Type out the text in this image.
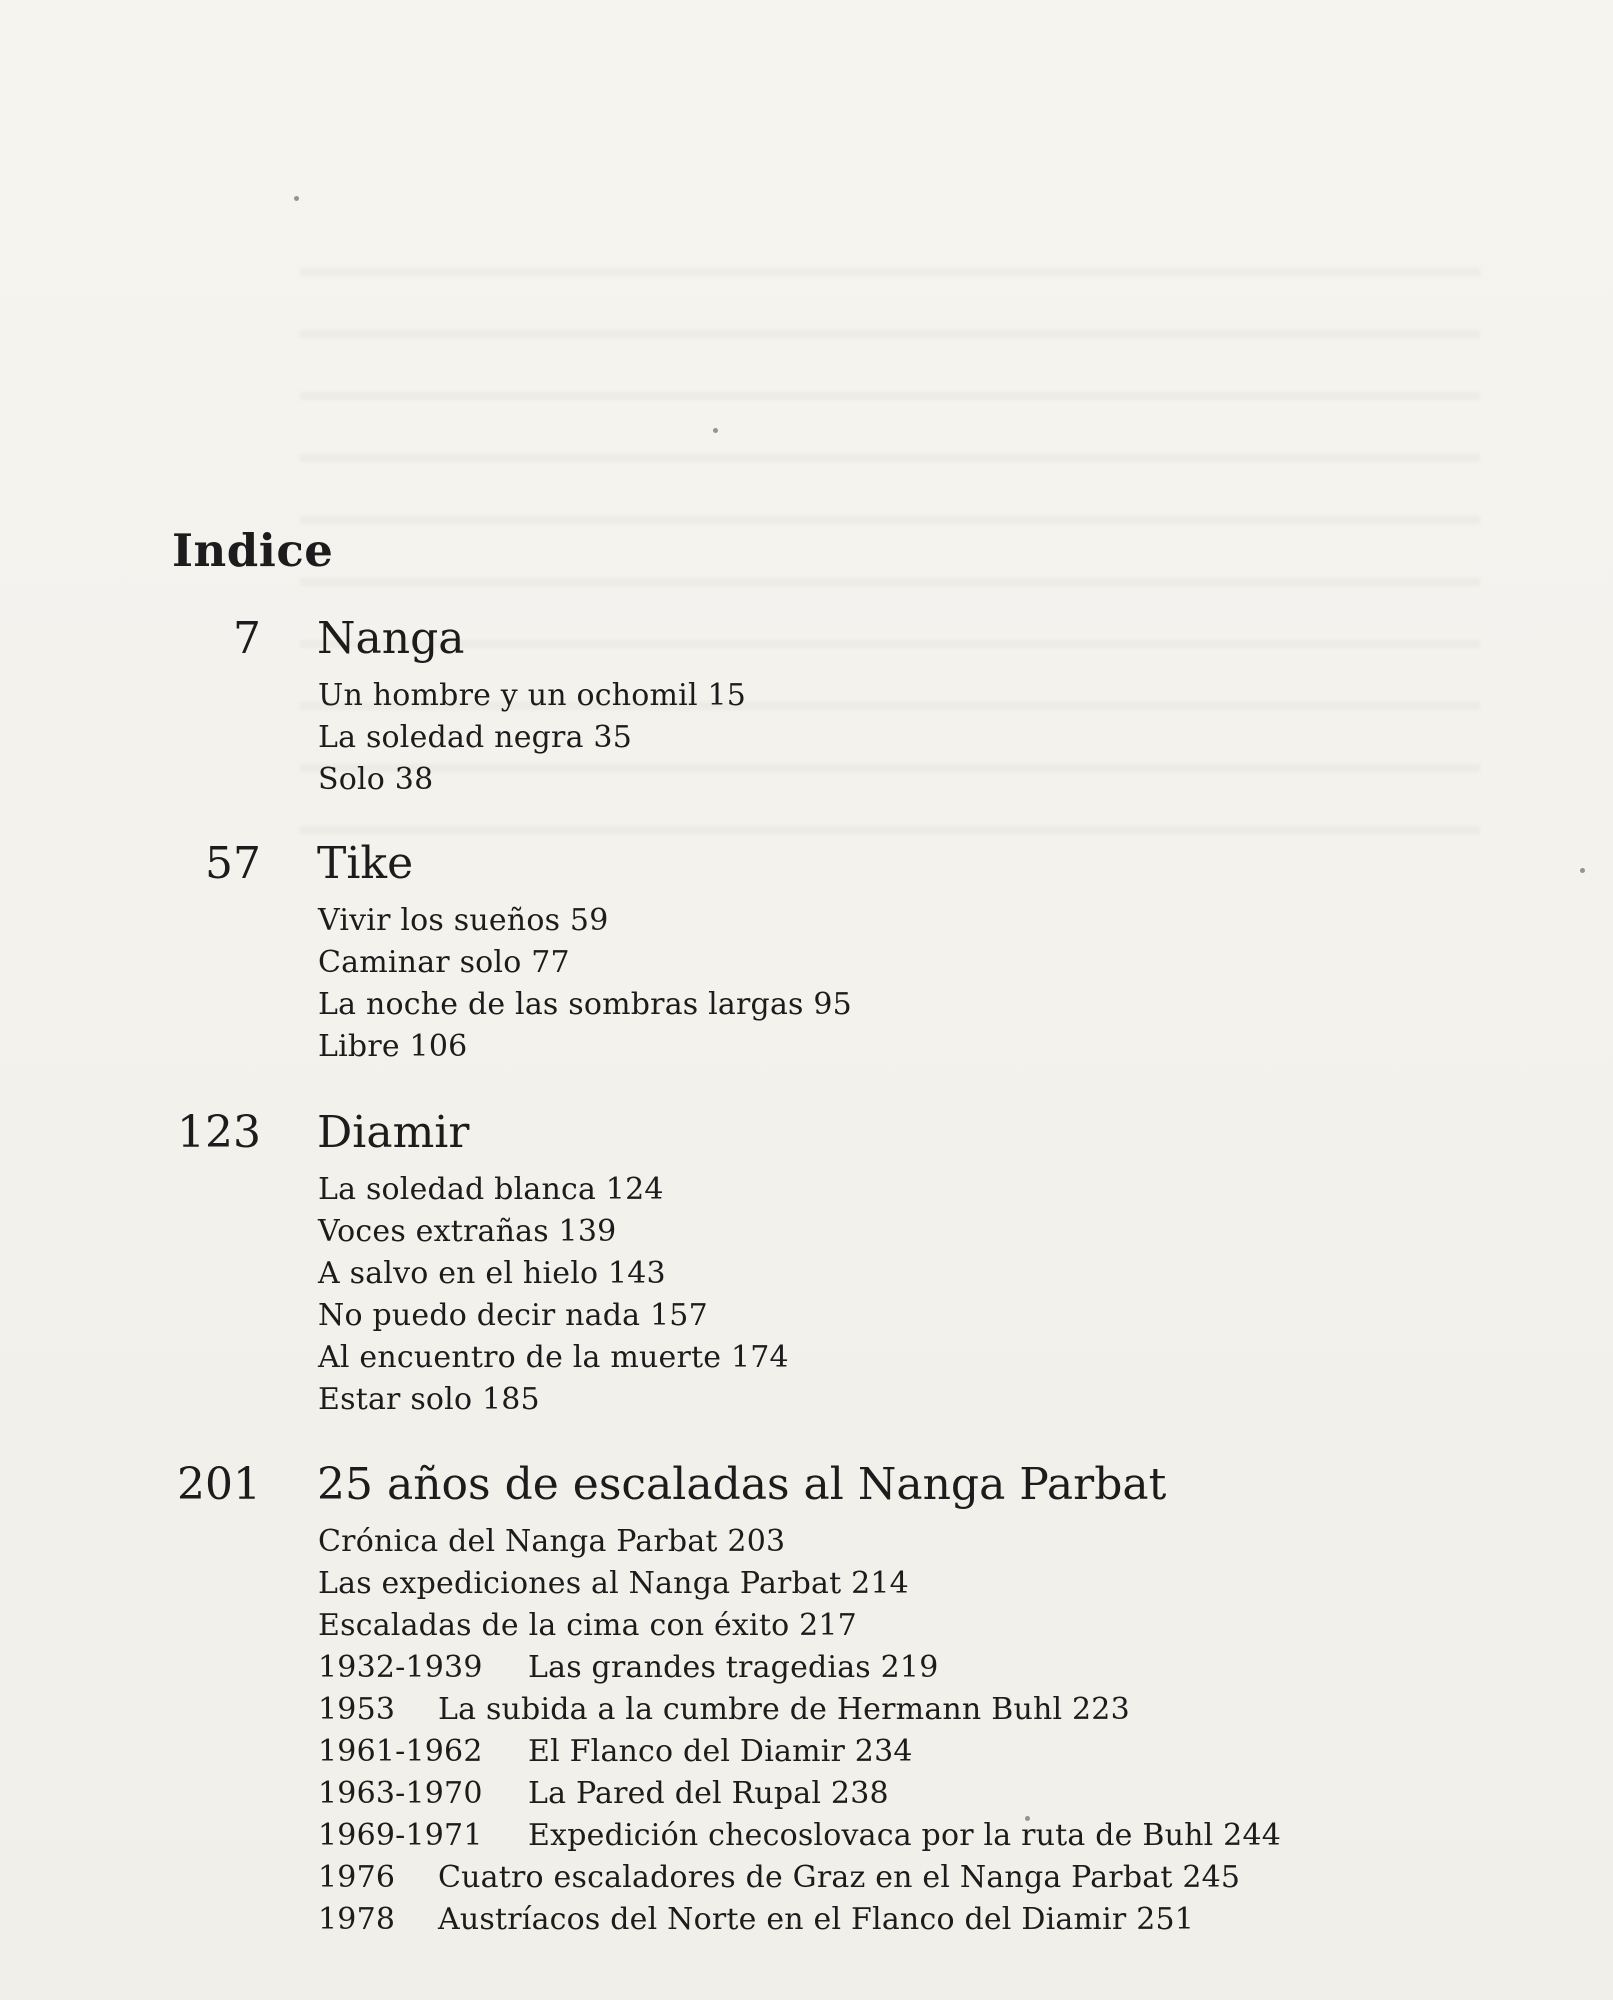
Indice
7 Nanga
Un hombre y un ochomil 15
La soledad negra 35
Solo 38
57 Tike
Vivir los sueños 59
Caminar solo 77
La noche de las sombras largas 95
Libre 106
123 Diamir
La soledad blanca 124
Voces extrañas 139
A salvo en el hielo 143
No puedo decir nada 157
Al encuentro de la muerte 174
Estar solo 185
201 25 años de escaladas al Nanga Parbat
Crónica del Nanga Parbat 203
Las expediciones al Nanga Parbat 214
Escaladas de la cima con éxito 217
1932-1939 Las grandes tragedias 219
1953 La subida a la cumbre de Hermann Buhl 223
1961-1962 El Flanco del Diamir 234
1963-1970 La Pared del Rupal 238
1969-1971 Expedición checoslovaca por la ruta de Buhl 244
1976 Cuatro escaladores de Graz en el Nanga Parbat 245
1978 Austríacos del Norte en el Flanco del Diamir 251
